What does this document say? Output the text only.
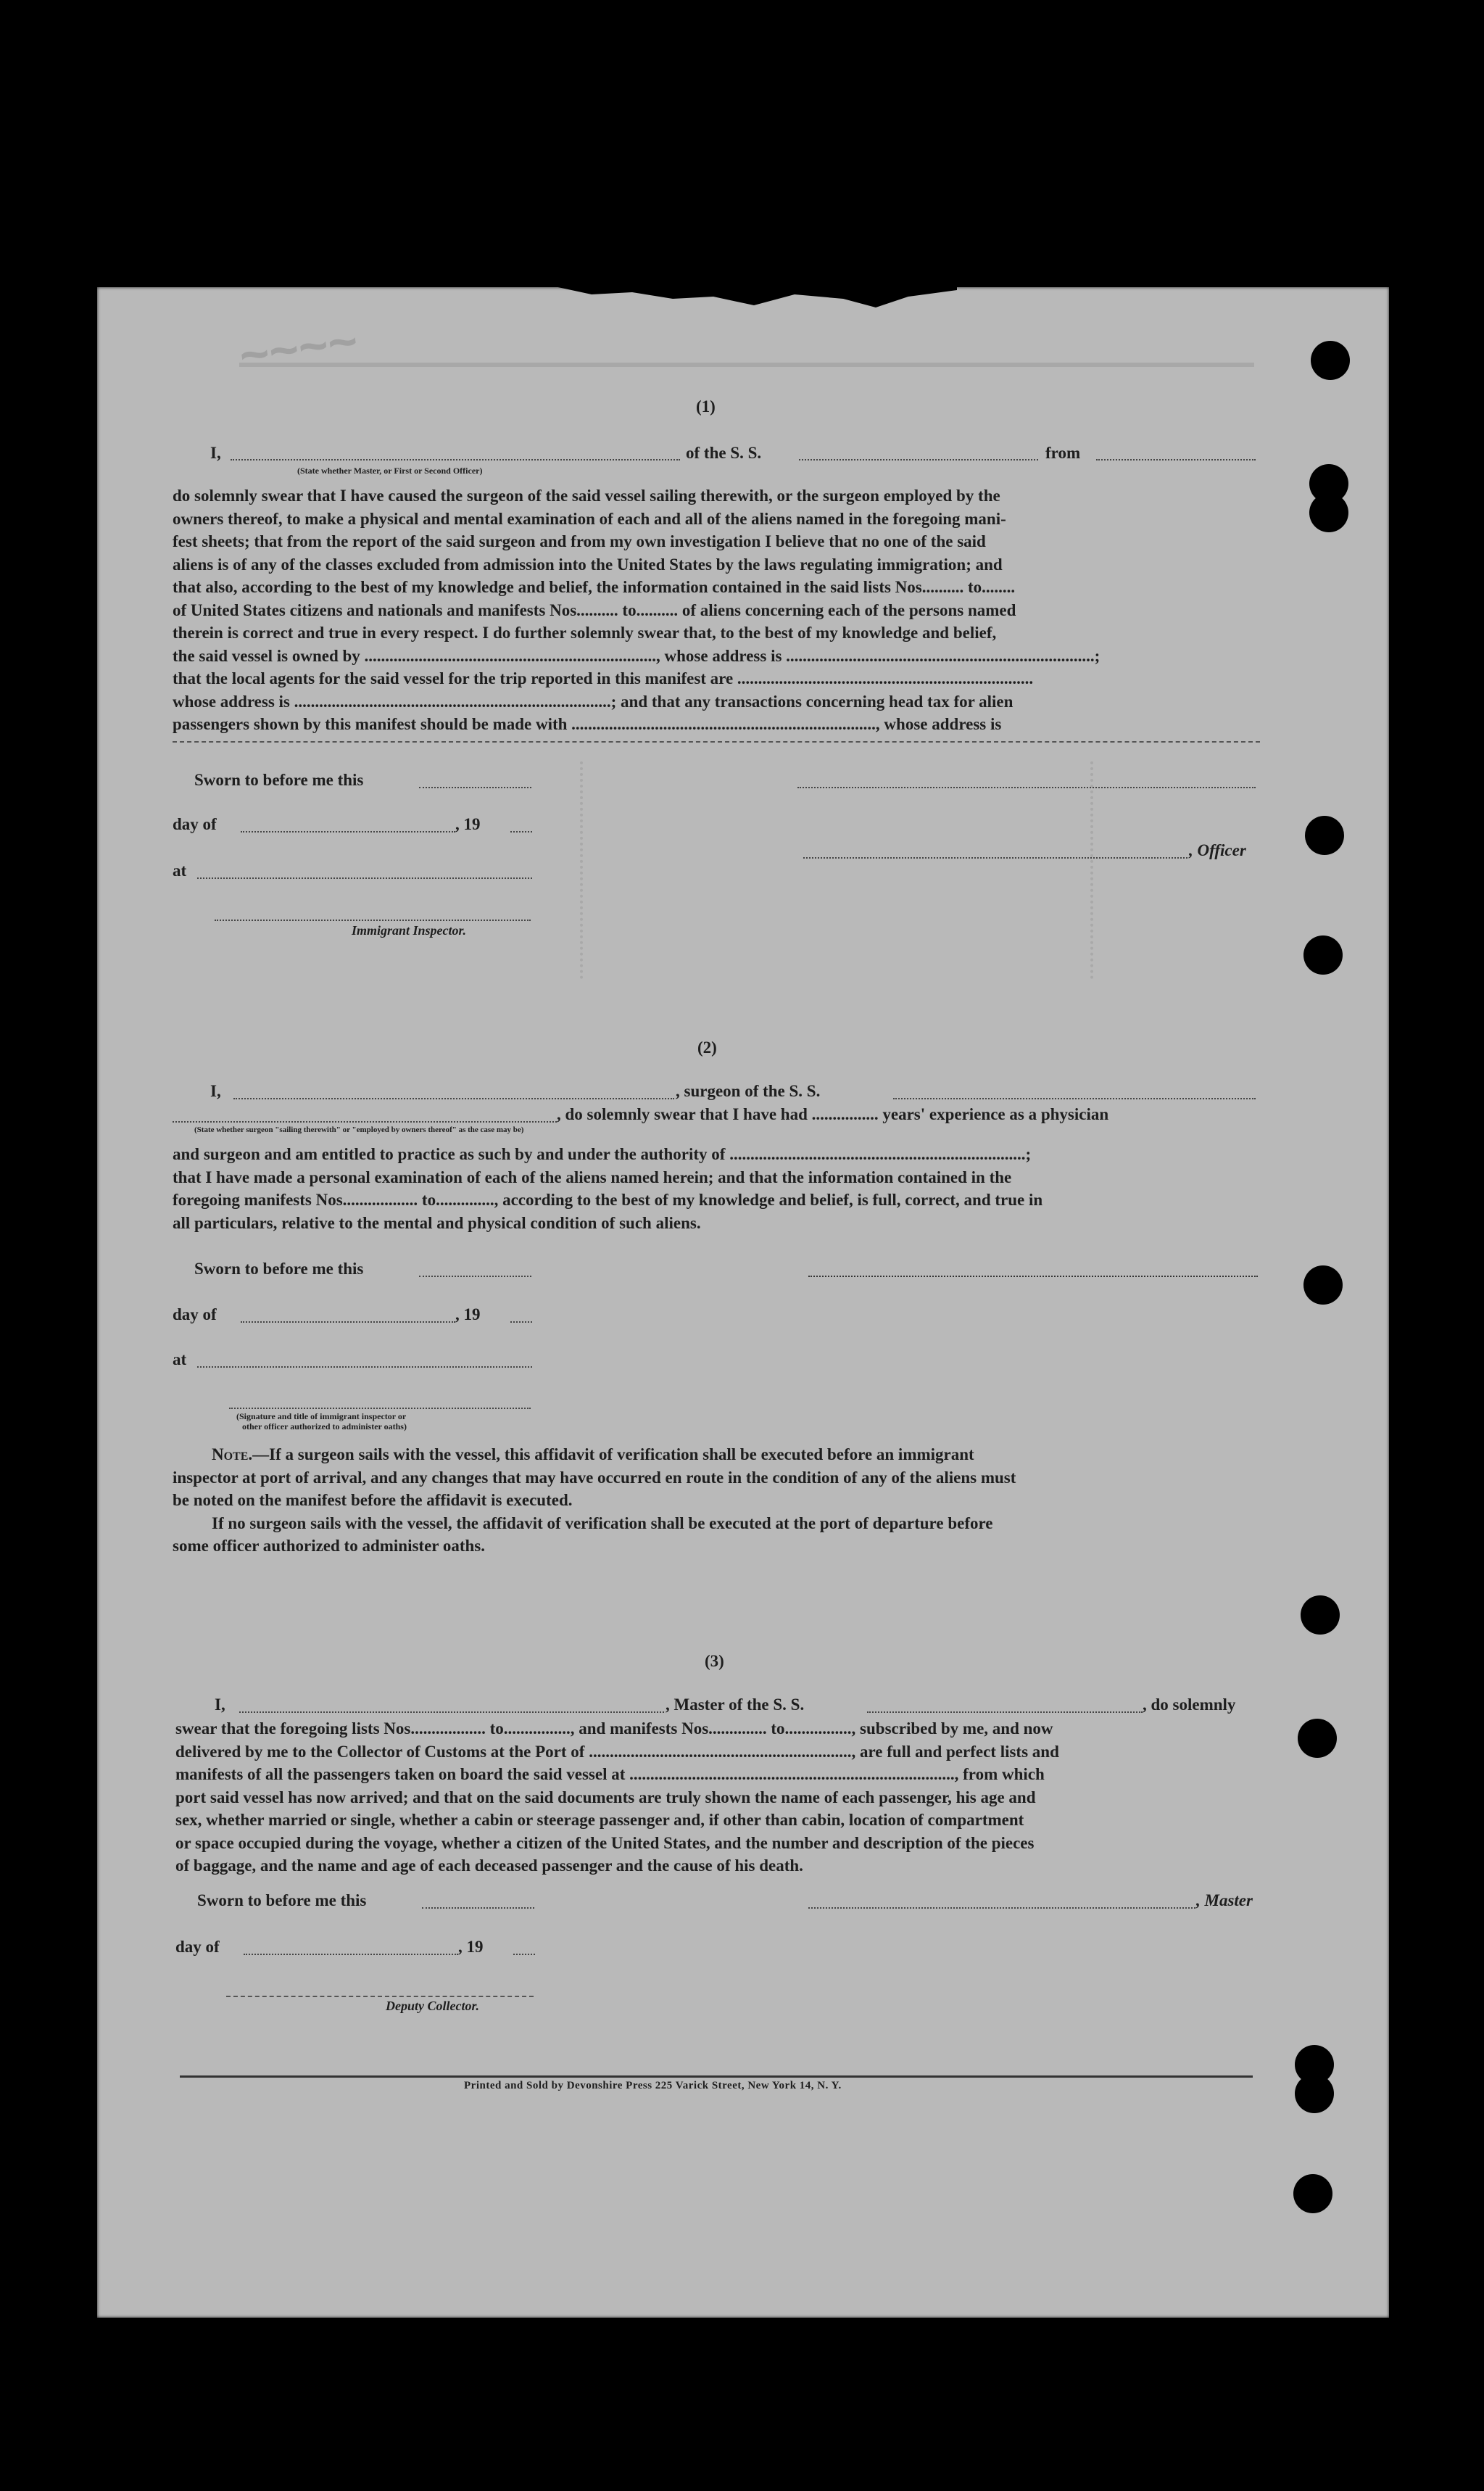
~~~~
(1)
I,	of the S. S.	from
(State whether Master, or First or Second Officer)
do solemnly swear that I have caused the surgeon of the said vessel sailing therewith, or the surgeon employed by the
owners thereof, to make a physical and mental examination of each and all of the aliens named in the foregoing mani-
fest sheets; that from the report of the said surgeon and from my own investigation I believe that no one of the said
aliens is of any of the classes excluded from admission into the United States by the laws regulating immigration; and
that also, according to the best of my knowledge and belief, the information contained in the said lists Nos.......... to........
of United States citizens and nationals and manifests Nos.......... to.......... of aliens concerning each of the persons named
therein is correct and true in every respect. I do further solemnly swear that, to the best of my knowledge and belief,
the said vessel is owned by ......................................................................, whose address is ..........................................................................;
that the local agents for the said vessel for the trip reported in this manifest are .......................................................................
whose address is ............................................................................; and that any transactions concerning head tax for alien
passengers shown by this manifest should be made with ........................................................................., whose address is
Sworn to before me this
day of	, 19
, Officer
at
Immigrant Inspector.
(2)
I,	, surgeon of the S. S.
, do solemnly swear that I have had ................ years' experience as a physician
(State whether surgeon "sailing therewith" or "employed by owners thereof" as the case may be)
and surgeon and am entitled to practice as such by and under the authority of .......................................................................;
that I have made a personal examination of each of the aliens named herein; and that the information contained in the
foregoing manifests Nos.................. to.............., according to the best of my knowledge and belief, is full, correct, and true in
all particulars, relative to the mental and physical condition of such aliens.
Sworn to before me this
day of	, 19
at
(Signature and title of immigrant inspector or
other officer authorized to administer oaths)
Note.—If a surgeon sails with the vessel, this affidavit of verification shall be executed before an immigrant
inspector at port of arrival, and any changes that may have occurred en route in the condition of any of the aliens must
be noted on the manifest before the affidavit is executed.
If no surgeon sails with the vessel, the affidavit of verification shall be executed at the port of departure before
some officer authorized to administer oaths.
(3)
I,	, Master of the S. S.	, do solemnly
swear that the foregoing lists Nos.................. to................, and manifests Nos.............. to................, subscribed by me, and now
delivered by me to the Collector of Customs at the Port of ..............................................................., are full and perfect lists and
manifests of all the passengers taken on board the said vessel at .............................................................................., from which
port said vessel has now arrived; and that on the said documents are truly shown the name of each passenger, his age and
sex, whether married or single, whether a cabin or steerage passenger and, if other than cabin, location of compartment
or space occupied during the voyage, whether a citizen of the United States, and the number and description of the pieces
of baggage, and the name and age of each deceased passenger and the cause of his death.
Sworn to before me this	, Master
day of	, 19
Deputy Collector.
Printed and Sold by Devonshire Press 225 Varick Street, New York 14, N. Y.
